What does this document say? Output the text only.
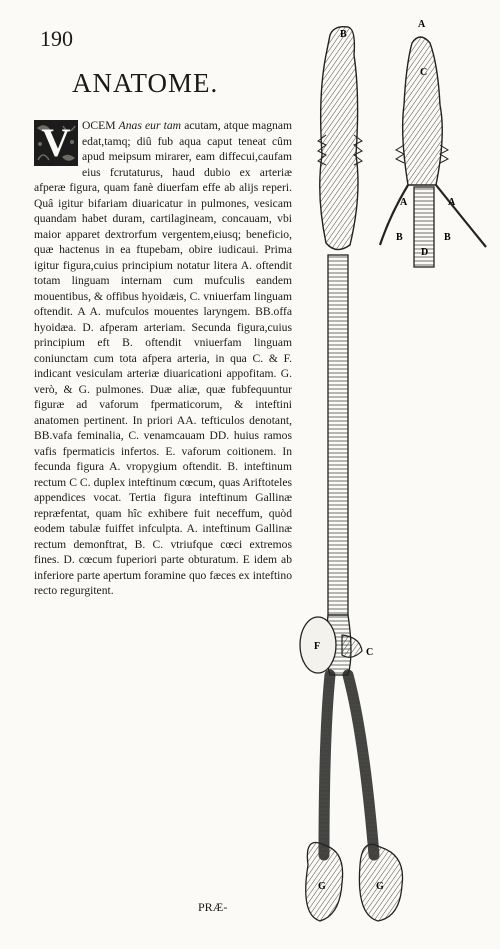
190
ANATOME.
V OCEM Anas eur tam acutam, atque magnam edat,tamq; diû fub aqua caput teneat cûm apud meipsum mirarer, eam diffecui,caufam eius fcrutaturus, haud dubio ex arteriæ afperæ figura, quam fanè diuerfam effe ab alijs reperi. Quâ igitur bifariam diuaricatur in pulmones, vesicam quandam habet duram, cartilagineam, concauam, vbi maior apparet dextrorfum vergentem,eiusq; beneficio, quæ hactenus in ea ftupebam, obire iudicaui. Prima igitur figura,cuius principium notatur litera A. oftendit totam linguam internam cum mufculis eandem mouentibus, & offibus hyoidæis, C. vniuerfam linguam oftendit. A A. mufculos mouentes laryngem. BB.offa hyoidæa. D. afperam arteriam. Secunda figura,cuius principium eft B. oftendit vniuerfam linguam coniunctam cum tota afpera arteria, in qua C. & F. indicant vesiculam arteriæ diuaricationi appofitam. G. verò, & G. pulmones. Duæ aliæ, quæ fubfequuntur figuræ ad vaforum fpermaticorum, & inteftini anatomen pertinent. In priori AA. tefticulos denotant, BB.vafa feminalia, C. venamcauam DD. huius ramos vafis fpermaticis infertos. E. vaforum coitionem. In fecunda figura A. vropygium oftendit. B. inteftinum rectum C C. duplex inteftinum cœcum, quas Ariftoteles appendices vocat. Tertia figura inteftinum Gallinæ repræfentat, quam hîc exhibere fuit neceffum, quòd eodem tabulæ fuiffet infculpta. A. inteftinum Gallinæ rectum demonftrat, B. C. vtriufque cœci extremos fines. D. cœcum fuperiori parte obturatum. E idem ab inferiore parte apertum foramine quo fæces ex inteftino recto regurgitent.

PRÆ-
B
A
C
A	A
B	B
D
F
C
G	G
